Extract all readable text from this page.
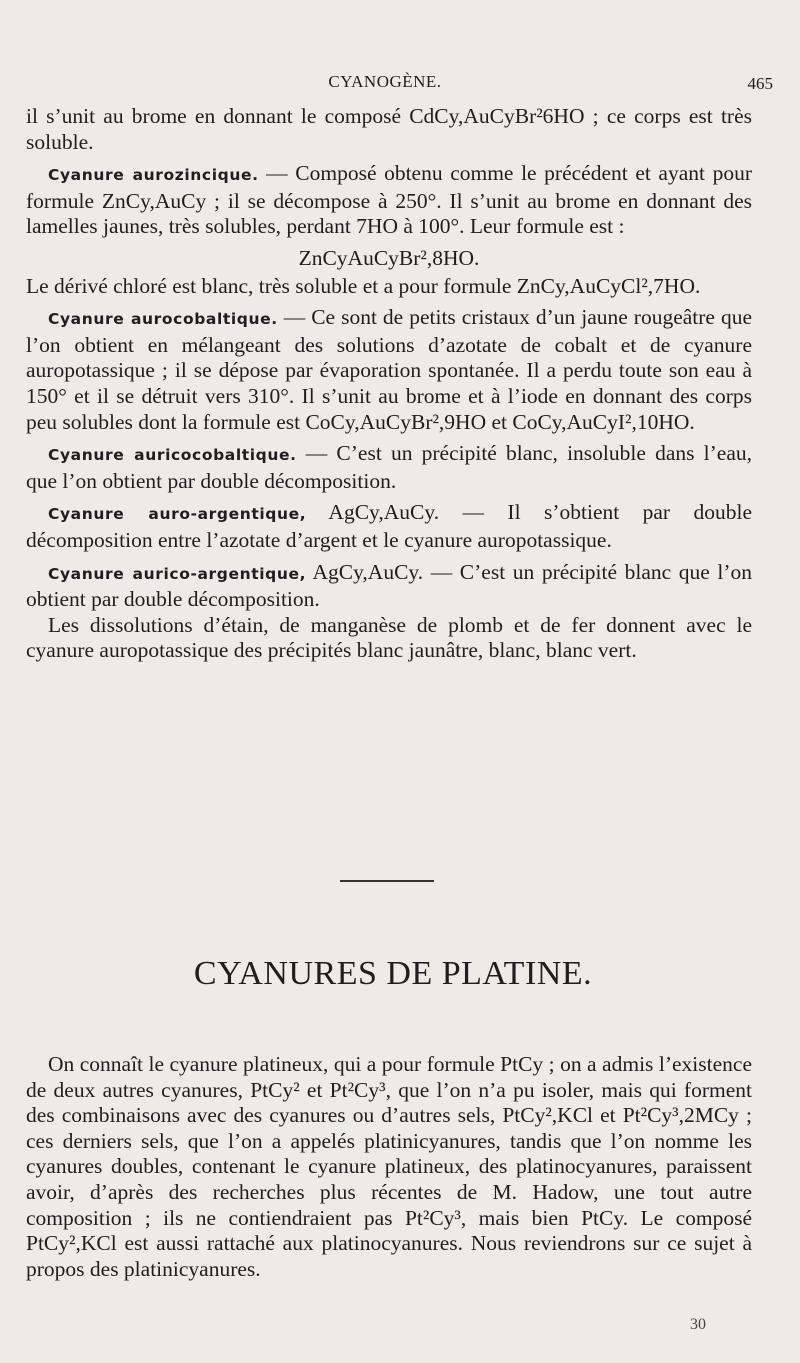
CYANOGÈNE.	465

il s’unit au brome en donnant le composé CdCy,AuCyBr²6HO ; ce corps est très soluble.

Cyanure aurozincique. — Composé obtenu comme le précédent et ayant pour formule ZnCy,AuCy ; il se décompose à 250°. Il s’unit au brome en donnant des lamelles jaunes, très solubles, perdant 7HO à 100°. Leur formule est :

ZnCyAuCyBr²,8HO.

Le dérivé chloré est blanc, très soluble et a pour formule ZnCy,AuCyCl²,7HO.

Cyanure aurocobaltique. — Ce sont de petits cristaux d’un jaune rougeâtre que l’on obtient en mélangeant des solutions d’azotate de cobalt et de cyanure auropotassique ; il se dépose par évaporation spontanée. Il a perdu toute son eau à 150° et il se détruit vers 310°. Il s’unit au brome et à l’iode en donnant des corps peu solubles dont la formule est CoCy,AuCyBr²,9HO et CoCy,AuCyI²,10HO.

Cyanure auricocobaltique. — C’est un précipité blanc, insoluble dans l’eau, que l’on obtient par double décomposition.

Cyanure auro-argentique, AgCy,AuCy. — Il s’obtient par double décomposition entre l’azotate d’argent et le cyanure auropotassique.

Cyanure aurico-argentique, AgCy,AuCy. — C’est un précipité blanc que l’on obtient par double décomposition.

Les dissolutions d’étain, de manganèse de plomb et de fer donnent avec le cyanure auropotassique des précipités blanc jaunâtre, blanc, blanc vert.

CYANURES DE PLATINE.

On connaît le cyanure platineux, qui a pour formule PtCy ; on a admis l’existence de deux autres cyanures, PtCy² et Pt²Cy³, que l’on n’a pu isoler, mais qui forment des combinaisons avec des cyanures ou d’autres sels, PtCy²,KCl et Pt²Cy³,2MCy ; ces derniers sels, que l’on a appelés platinicyanures, tandis que l’on nomme les cyanures doubles, contenant le cyanure platineux, des platinocyanures, paraissent avoir, d’après des recherches plus récentes de M. Hadow, une tout autre composition ; ils ne contiendraient pas Pt²Cy³, mais bien PtCy. Le composé PtCy²,KCl est aussi rattaché aux platinocyanures. Nous reviendrons sur ce sujet à propos des platinicyanures.

30
